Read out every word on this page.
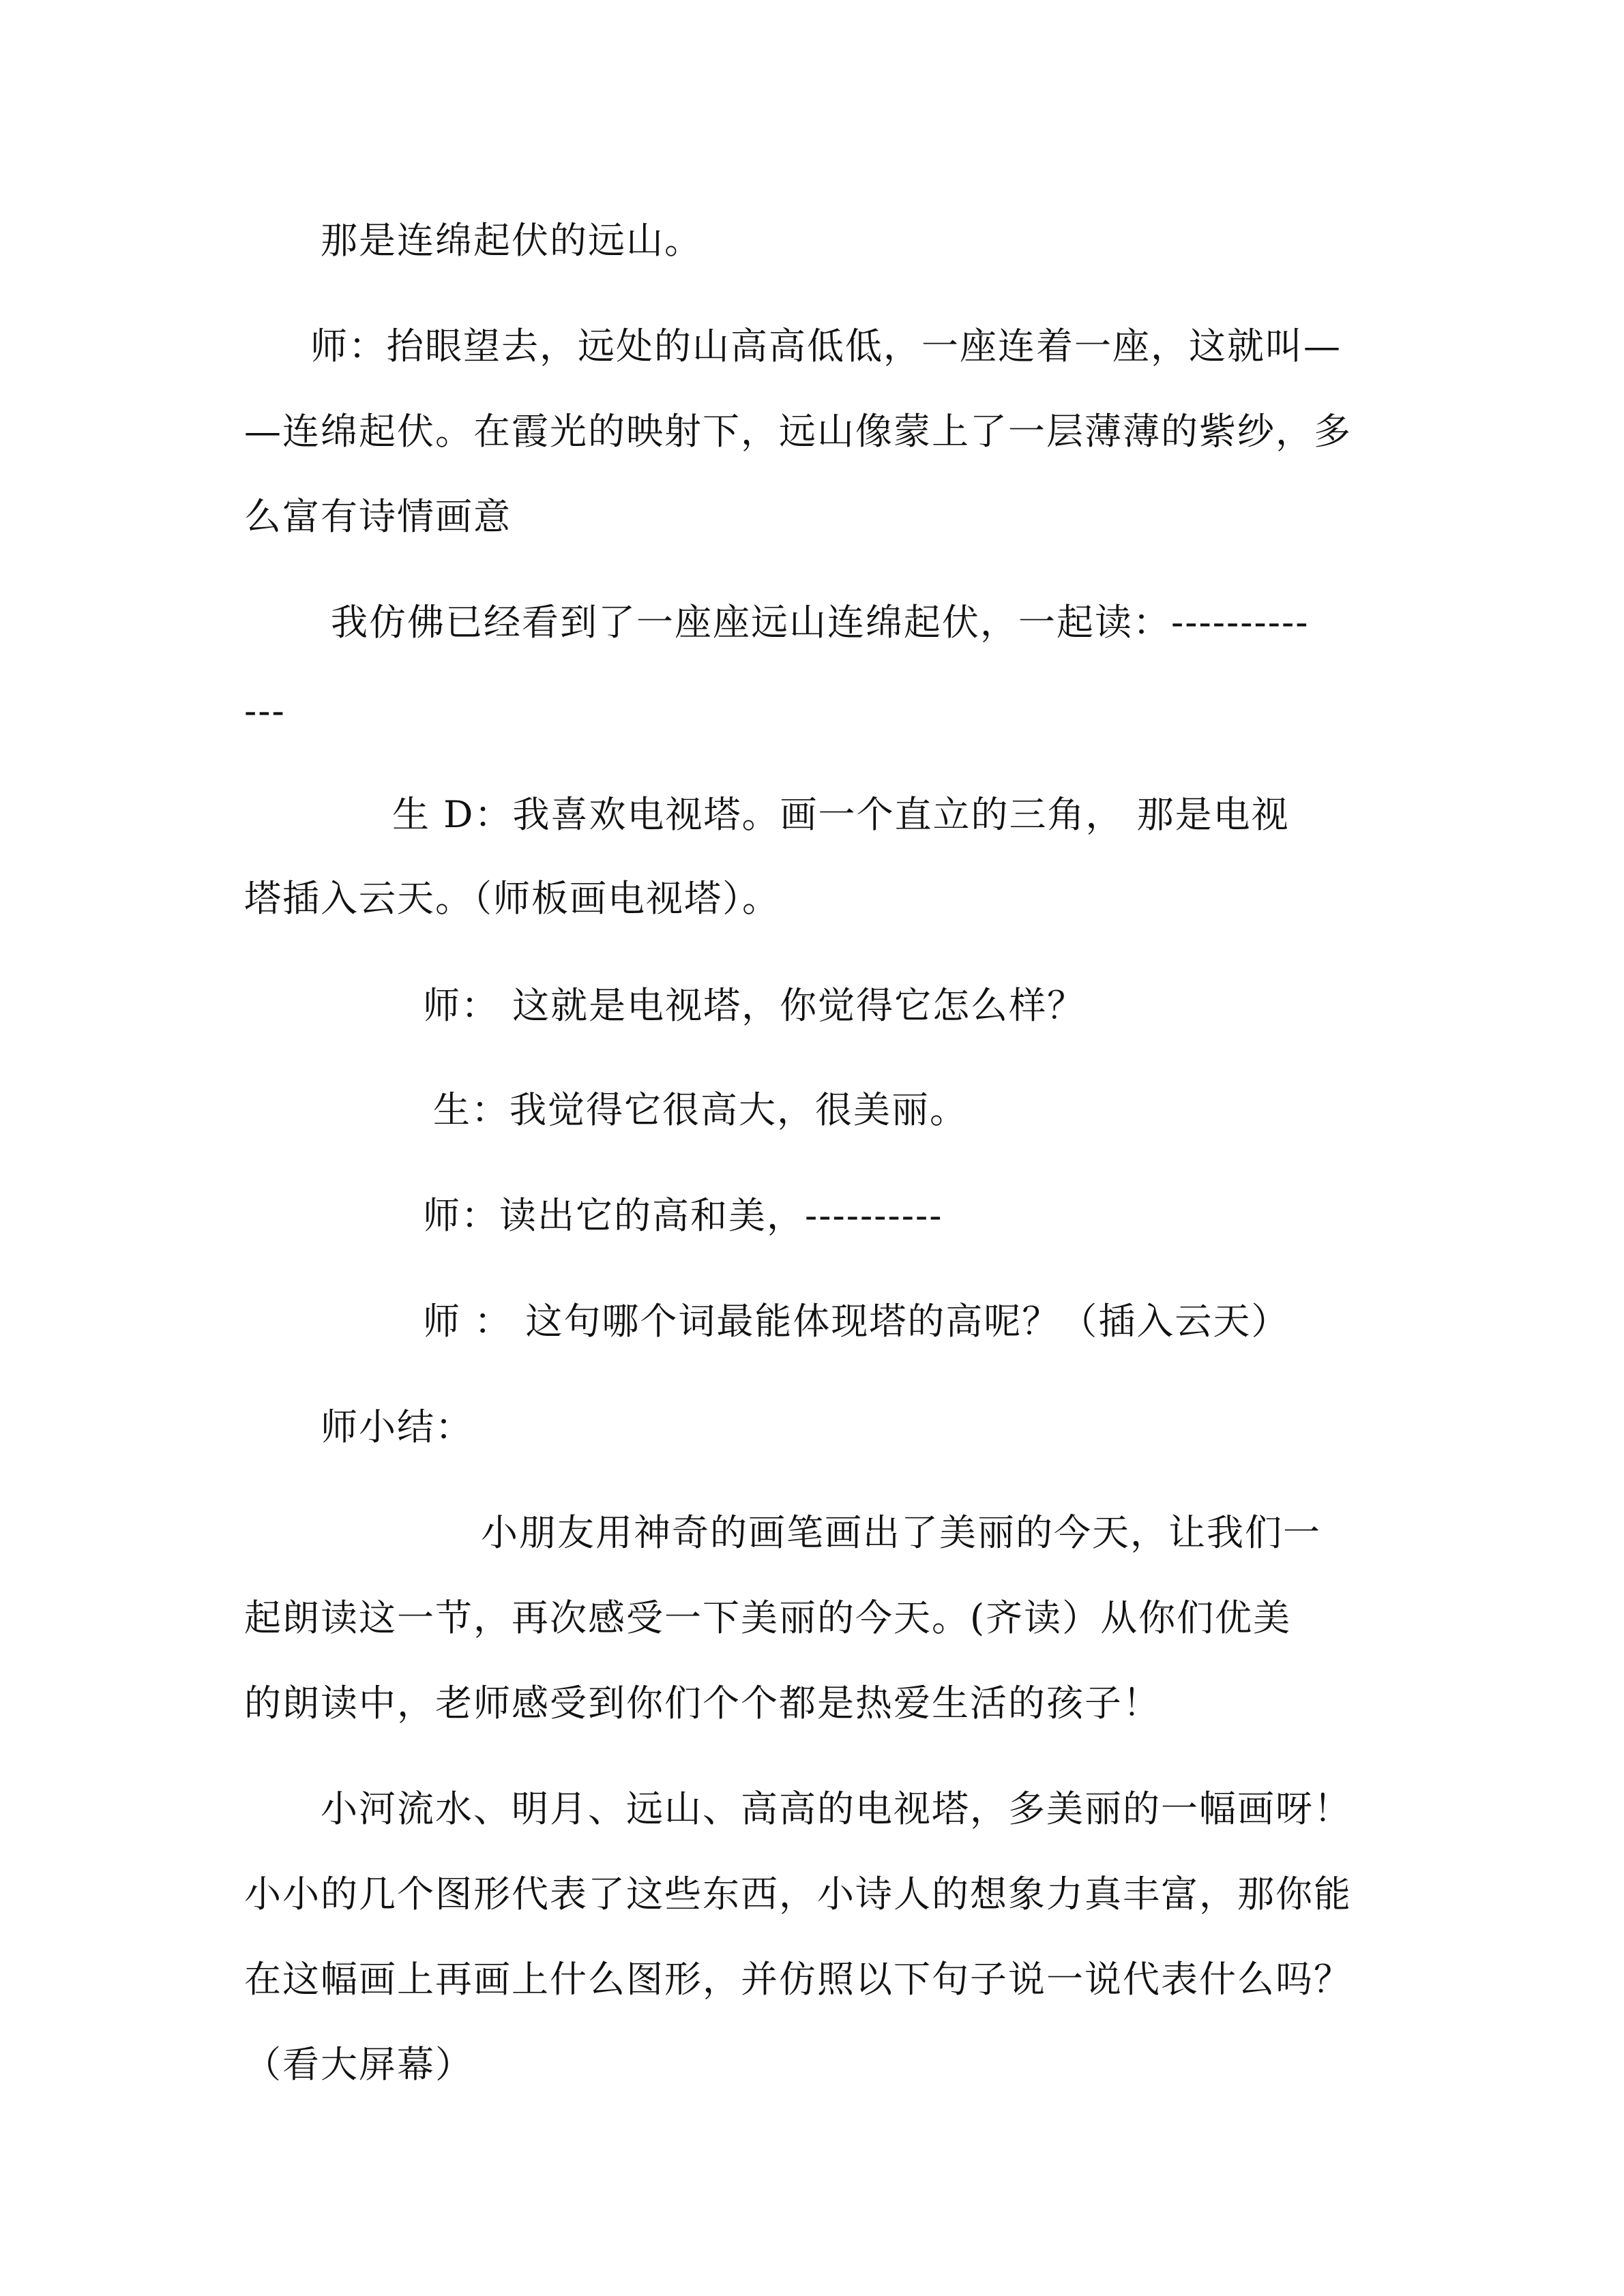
那是连绵起伏的远山。
师：抬眼望去，远处的山高高低低，一座连着一座，这就叫—
—连绵起伏。在霞光的映射下，远山像蒙上了一层薄薄的紫纱，多
么富有诗情画意
我仿佛已经看到了一座座远山连绵起伏，一起读：----------
---
生 D：我喜欢电视塔。画一个直立的三角， 那是电视
塔插入云天。（师板画电视塔）。
师： 这就是电视塔，你觉得它怎么样？
生：我觉得它很高大，很美丽。
师：读出它的高和美，----------
师 ： 这句哪个词最能体现塔的高呢？（插入云天）
师小结：
小朋友用神奇的画笔画出了美丽的今天，让我们一
起朗读这一节，再次感受一下美丽的今天。(齐读）从你们优美
的朗读中，老师感受到你们个个都是热爱生活的孩子！
小河流水、明月、远山、高高的电视塔，多美丽的一幅画呀！
小小的几个图形代表了这些东西，小诗人的想象力真丰富，那你能
在这幅画上再画上什么图形，并仿照以下句子说一说代表什么吗？
（看大屏幕）
